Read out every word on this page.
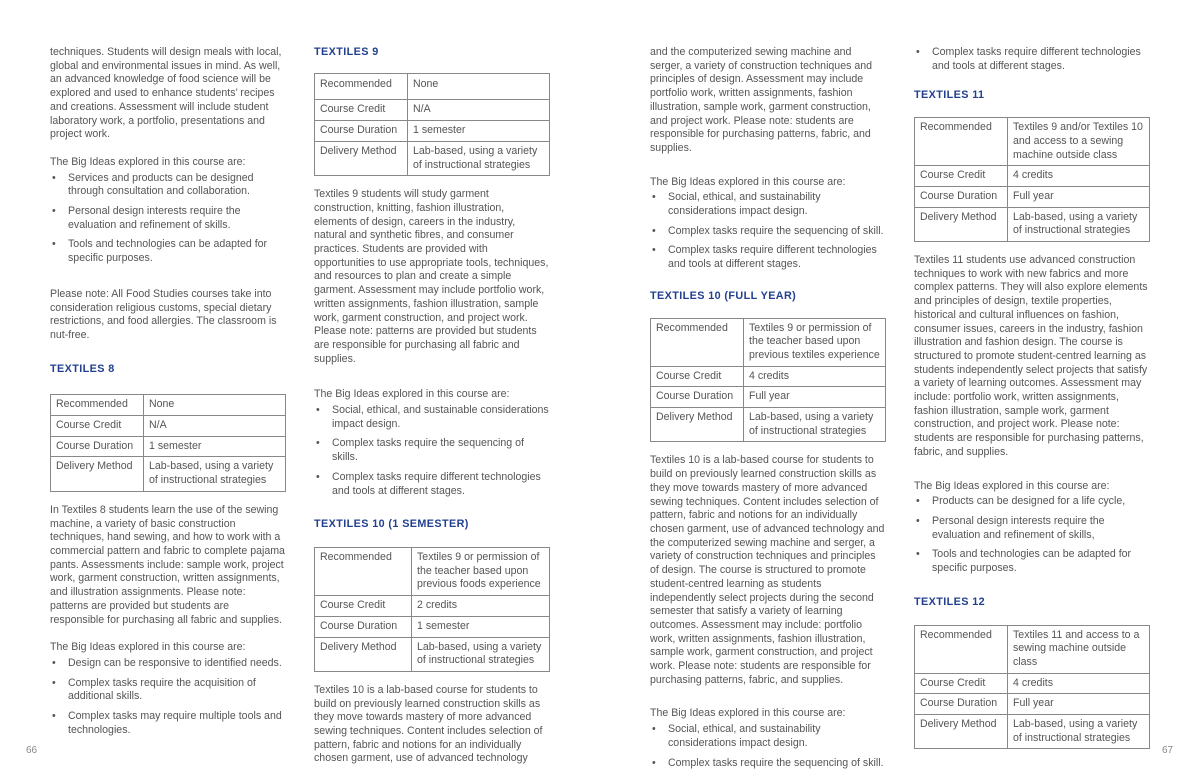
techniques. Students will design meals with local, global and environmental issues in mind. As well, an advanced knowledge of food science will be explored and used to enhance students’ recipes and creations. Assessment will include student laboratory work, a portfolio, presentations and project work.

The Big Ideas explored in this course are:

• Services and products can be designed through consultation and collaboration.
• Personal design interests require the evaluation and refinement of skills.
• Tools and technologies can be adapted for specific purposes.

Please note: All Food Studies courses take into consideration religious customs, special dietary restrictions, and food allergies. The classroom is nut-free.

TEXTILES 8
Recommended	None
Course Credit	N/A
Course Duration	1 semester
Delivery Method	Lab-based, using a variety of instructional strategies

In Textiles 8 students learn the use of the sewing machine, a variety of basic construction techniques, hand sewing, and how to work with a commercial pattern and fabric to complete pajama pants. Assessments include: sample work, project work, garment construction, written assignments, and illustration assignments. Please note: patterns are provided but students are responsible for purchasing all fabric and supplies.

The Big Ideas explored in this course are:

• Design can be responsive to identified needs.
• Complex tasks require the acquisition of additional skills.
• Complex tasks may require multiple tools and technologies.
TEXTILES 9
Recommended	None
Course Credit	N/A
Course Duration	1 semester
Delivery Method	Lab-based, using a variety of instructional strategies

Textiles 9 students will study garment construction, knitting, fashion illustration, elements of design, careers in the industry, natural and synthetic fibres, and consumer practices. Students are provided with opportunities to use appropriate tools, techniques, and resources to plan and create a simple garment. Assessment may include portfolio work, written assignments, fashion illustration, sample work, garment construction, and project work. Please note: patterns are provided but students are responsible for purchasing all fabric and supplies.

The Big Ideas explored in this course are:

• Social, ethical, and sustainable considerations impact design.
• Complex tasks require the sequencing of skills.
• Complex tasks require different technologies and tools at different stages.
TEXTILES 10 (1 SEMESTER)
Recommended	Textiles 9 or permission of the teacher based upon previous foods experience
Course Credit	2 credits
Course Duration	1 semester
Delivery Method	Lab-based, using a variety of instructional strategies

Textiles 10 is a lab-based course for students to build on previously learned construction skills as they move towards mastery of more advanced sewing techniques. Content includes selection of pattern, fabric and notions for an individually chosen garment, use of advanced technology

and the computerized sewing machine and serger, a variety of construction techniques and principles of design. Assessment may include portfolio work, written assignments, fashion illustration, sample work, garment construction, and project work. Please note: students are responsible for purchasing patterns, fabric, and supplies.

The Big Ideas explored in this course are:

• Social, ethical, and sustainability considerations impact design.
• Complex tasks require the sequencing of skill.
• Complex tasks require different technologies and tools at different stages.
TEXTILES 10 (FULL YEAR)
Recommended	Textiles 9 or permission of the teacher based upon previous textiles experience
Course Credit	4 credits
Course Duration	Full year
Delivery Method	Lab-based, using a variety of instructional strategies

Textiles 10 is a lab-based course for students to build on previously learned construction skills as they move towards mastery of more advanced sewing techniques. Content includes selection of pattern, fabric and notions for an individually chosen garment, use of advanced technology and the computerized sewing machine and serger, a variety of construction techniques and principles of design. The course is structured to promote student-centred learning as students independently select projects during the second semester that satisfy a variety of learning outcomes. Assessment may include: portfolio work, written assignments, fashion illustration, sample work, garment construction, and project work. Please note: students are responsible for purchasing patterns, fabric, and supplies.

The Big Ideas explored in this course are:

• Social, ethical, and sustainability considerations impact design.
• Complex tasks require the sequencing of skill.
• Complex tasks require different technologies and tools at different stages.
TEXTILES 11
Recommended	Textiles 9 and/or Textiles 10 and access to a sewing machine outside class
Course Credit	4 credits
Course Duration	Full year
Delivery Method	Lab-based, using a variety of instructional strategies

Textiles 11 students use advanced construction techniques to work with new fabrics and more complex patterns. They will also explore elements and principles of design, textile properties, historical and cultural influences on fashion, consumer issues, careers in the industry, fashion illustration and fashion design. The course is structured to promote student-centred learning as students independently select projects that satisfy a variety of learning outcomes. Assessment may include: portfolio work, written assignments, fashion illustration, sample work, garment construction, and project work. Please note: students are responsible for purchasing patterns, fabric, and supplies.

The Big Ideas explored in this course are:

• Products can be designed for a life cycle,
• Personal design interests require the evaluation and refinement of skills,
• Tools and technologies can be adapted for specific purposes.
TEXTILES 12
Recommended	Textiles 11 and access to a sewing machine outside class
Course Credit	4 credits
Course Duration	Full year
Delivery Method	Lab-based, using a variety of instructional strategies
66	67
